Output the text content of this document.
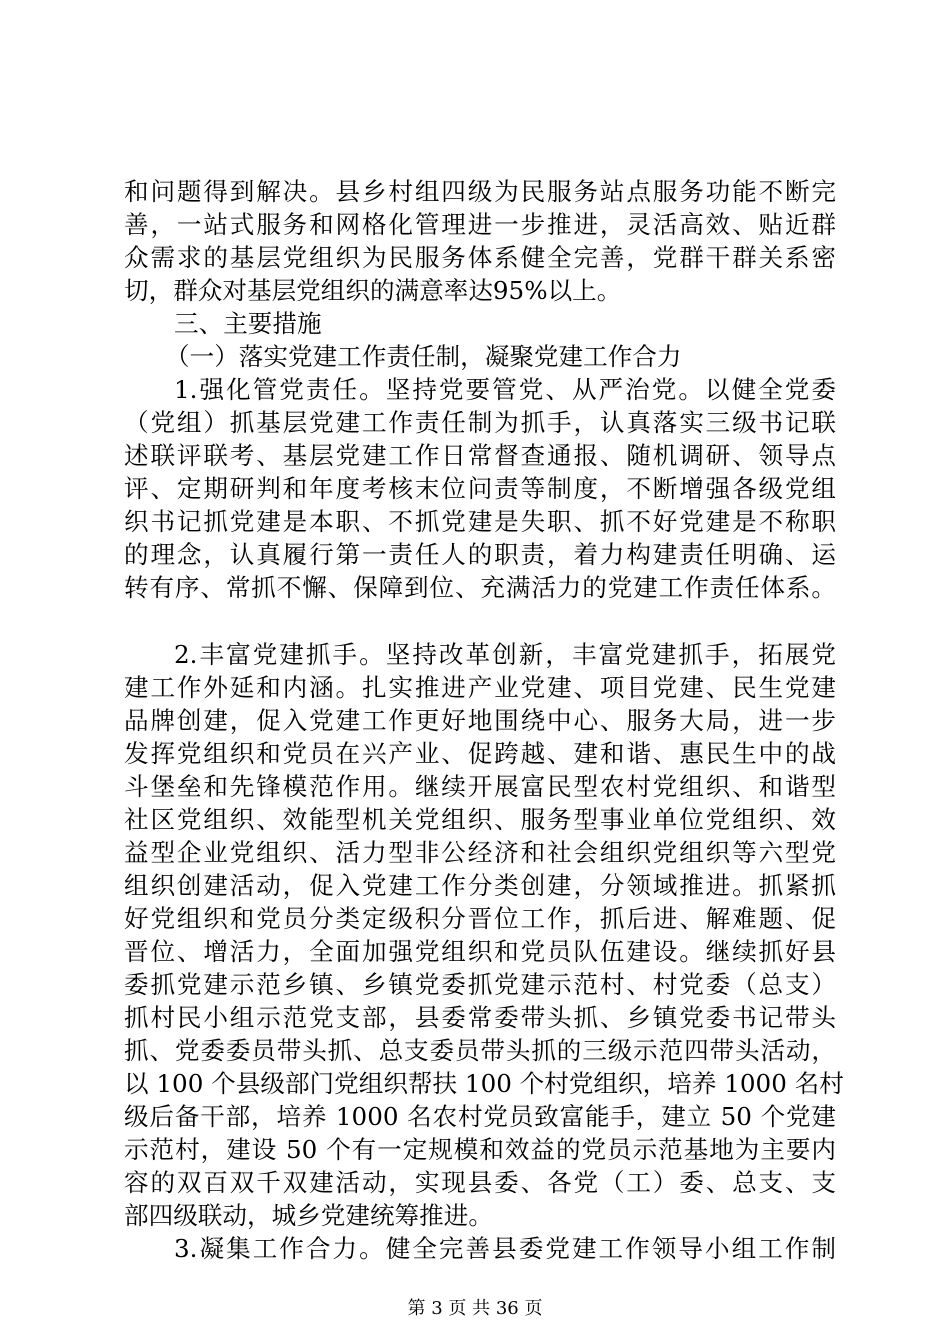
和问题得到解决。县乡村组四级为民服务站点服务功能不断完
善，一站式服务和网格化管理进一步推进，灵活高效、贴近群
众需求的基层党组织为民服务体系健全完善，党群干群关系密
切，群众对基层党组织的满意率达95%以上。
三、主要措施
（一）落实党建工作责任制，凝聚党建工作合力
1.强化管党责任。坚持党要管党、从严治党。以健全党委
（党组）抓基层党建工作责任制为抓手，认真落实三级书记联
述联评联考、基层党建工作日常督查通报、随机调研、领导点
评、定期研判和年度考核末位问责等制度，不断增强各级党组
织书记抓党建是本职、不抓党建是失职、抓不好党建是不称职
的理念，认真履行第一责任人的职责，着力构建责任明确、运
转有序、常抓不懈、保障到位、充满活力的党建工作责任体系。
2.丰富党建抓手。坚持改革创新，丰富党建抓手，拓展党
建工作外延和内涵。扎实推进产业党建、项目党建、民生党建
品牌创建，促入党建工作更好地围绕中心、服务大局，进一步
发挥党组织和党员在兴产业、促跨越、建和谐、惠民生中的战
斗堡垒和先锋模范作用。继续开展富民型农村党组织、和谐型
社区党组织、效能型机关党组织、服务型事业单位党组织、效
益型企业党组织、活力型非公经济和社会组织党组织等六型党
组织创建活动，促入党建工作分类创建，分领域推进。抓紧抓
好党组织和党员分类定级积分晋位工作，抓后进、解难题、促
晋位、增活力，全面加强党组织和党员队伍建设。继续抓好县
委抓党建示范乡镇、乡镇党委抓党建示范村、村党委（总支）
抓村民小组示范党支部，县委常委带头抓、乡镇党委书记带头
抓、党委委员带头抓、总支委员带头抓的三级示范四带头活动，
以 100 个县级部门党组织帮扶 100 个村党组织，培养 1000 名村
级后备干部，培养 1000 名农村党员致富能手，建立 50 个党建
示范村，建设 50 个有一定规模和效益的党员示范基地为主要内
容的双百双千双建活动，实现县委、各党（工）委、总支、支
部四级联动，城乡党建统筹推进。
3.凝集工作合力。健全完善县委党建工作领导小组工作制
第 3 页 共 36 页
